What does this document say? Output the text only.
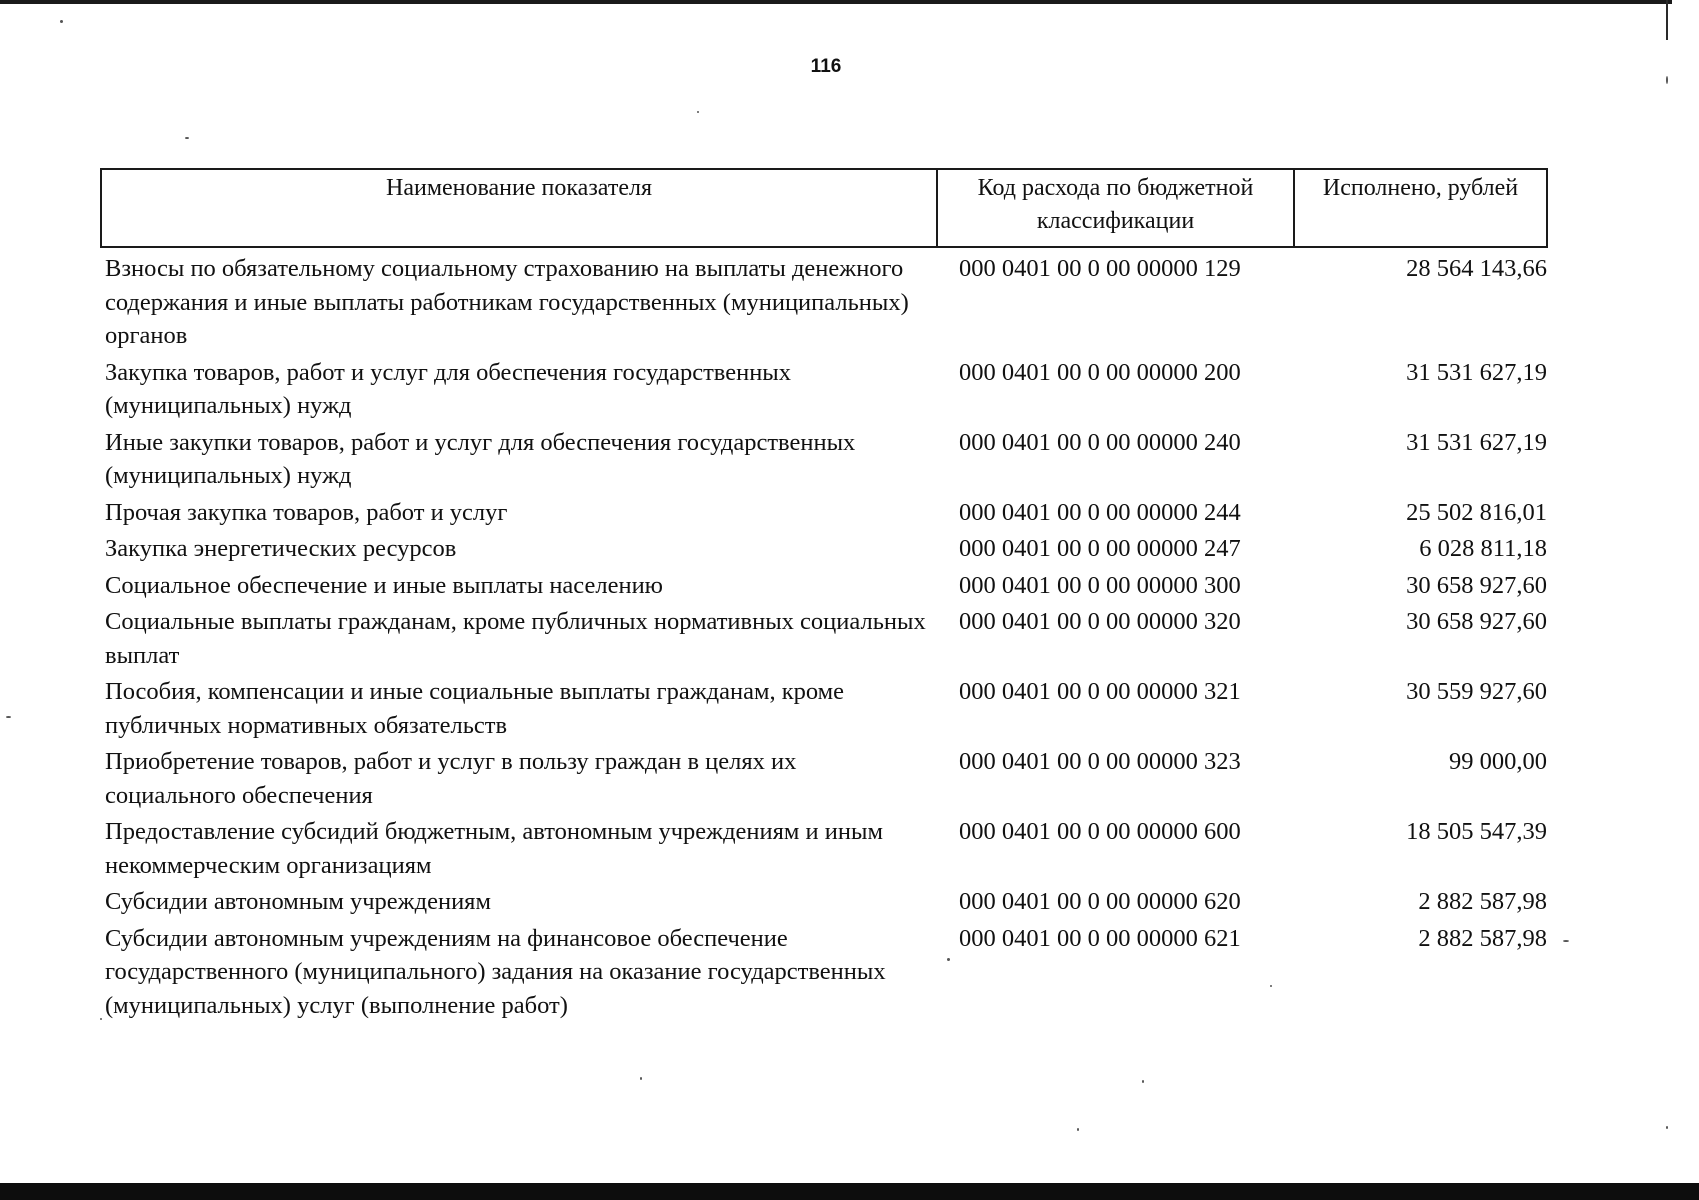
116
Наименование показателя	Код расхода по бюджетной классификации	Исполнено, рублей
Взносы по обязательному социальному страхованию на выплаты денежного содержания и иные выплаты работникам государственных (муниципальных) органов	000 0401 00 0 00 00000 129	28 564 143,66
Закупка товаров, работ и услуг для обеспечения государственных (муниципальных) нужд	000 0401 00 0 00 00000 200	31 531 627,19
Иные закупки товаров, работ и услуг для обеспечения государственных (муниципальных) нужд	000 0401 00 0 00 00000 240	31 531 627,19
Прочая закупка товаров, работ и услуг	000 0401 00 0 00 00000 244	25 502 816,01
Закупка энергетических ресурсов	000 0401 00 0 00 00000 247	6 028 811,18
Социальное обеспечение и иные выплаты населению	000 0401 00 0 00 00000 300	30 658 927,60
Социальные выплаты гражданам, кроме публичных нормативных социальных выплат	000 0401 00 0 00 00000 320	30 658 927,60
Пособия, компенсации и иные социальные выплаты гражданам, кроме публичных нормативных обязательств	000 0401 00 0 00 00000 321	30 559 927,60
Приобретение товаров, работ и услуг в пользу граждан в целях их социального обеспечения	000 0401 00 0 00 00000 323	99 000,00
Предоставление субсидий бюджетным, автономным учреждениям и иным некоммерческим организациям	000 0401 00 0 00 00000 600	18 505 547,39
Субсидии автономным учреждениям	000 0401 00 0 00 00000 620	2 882 587,98
Субсидии автономным учреждениям на финансовое обеспечение государственного (муниципального) задания на оказание государственных (муниципальных) услуг (выполнение работ)	000 0401 00 0 00 00000 621	2 882 587,98
